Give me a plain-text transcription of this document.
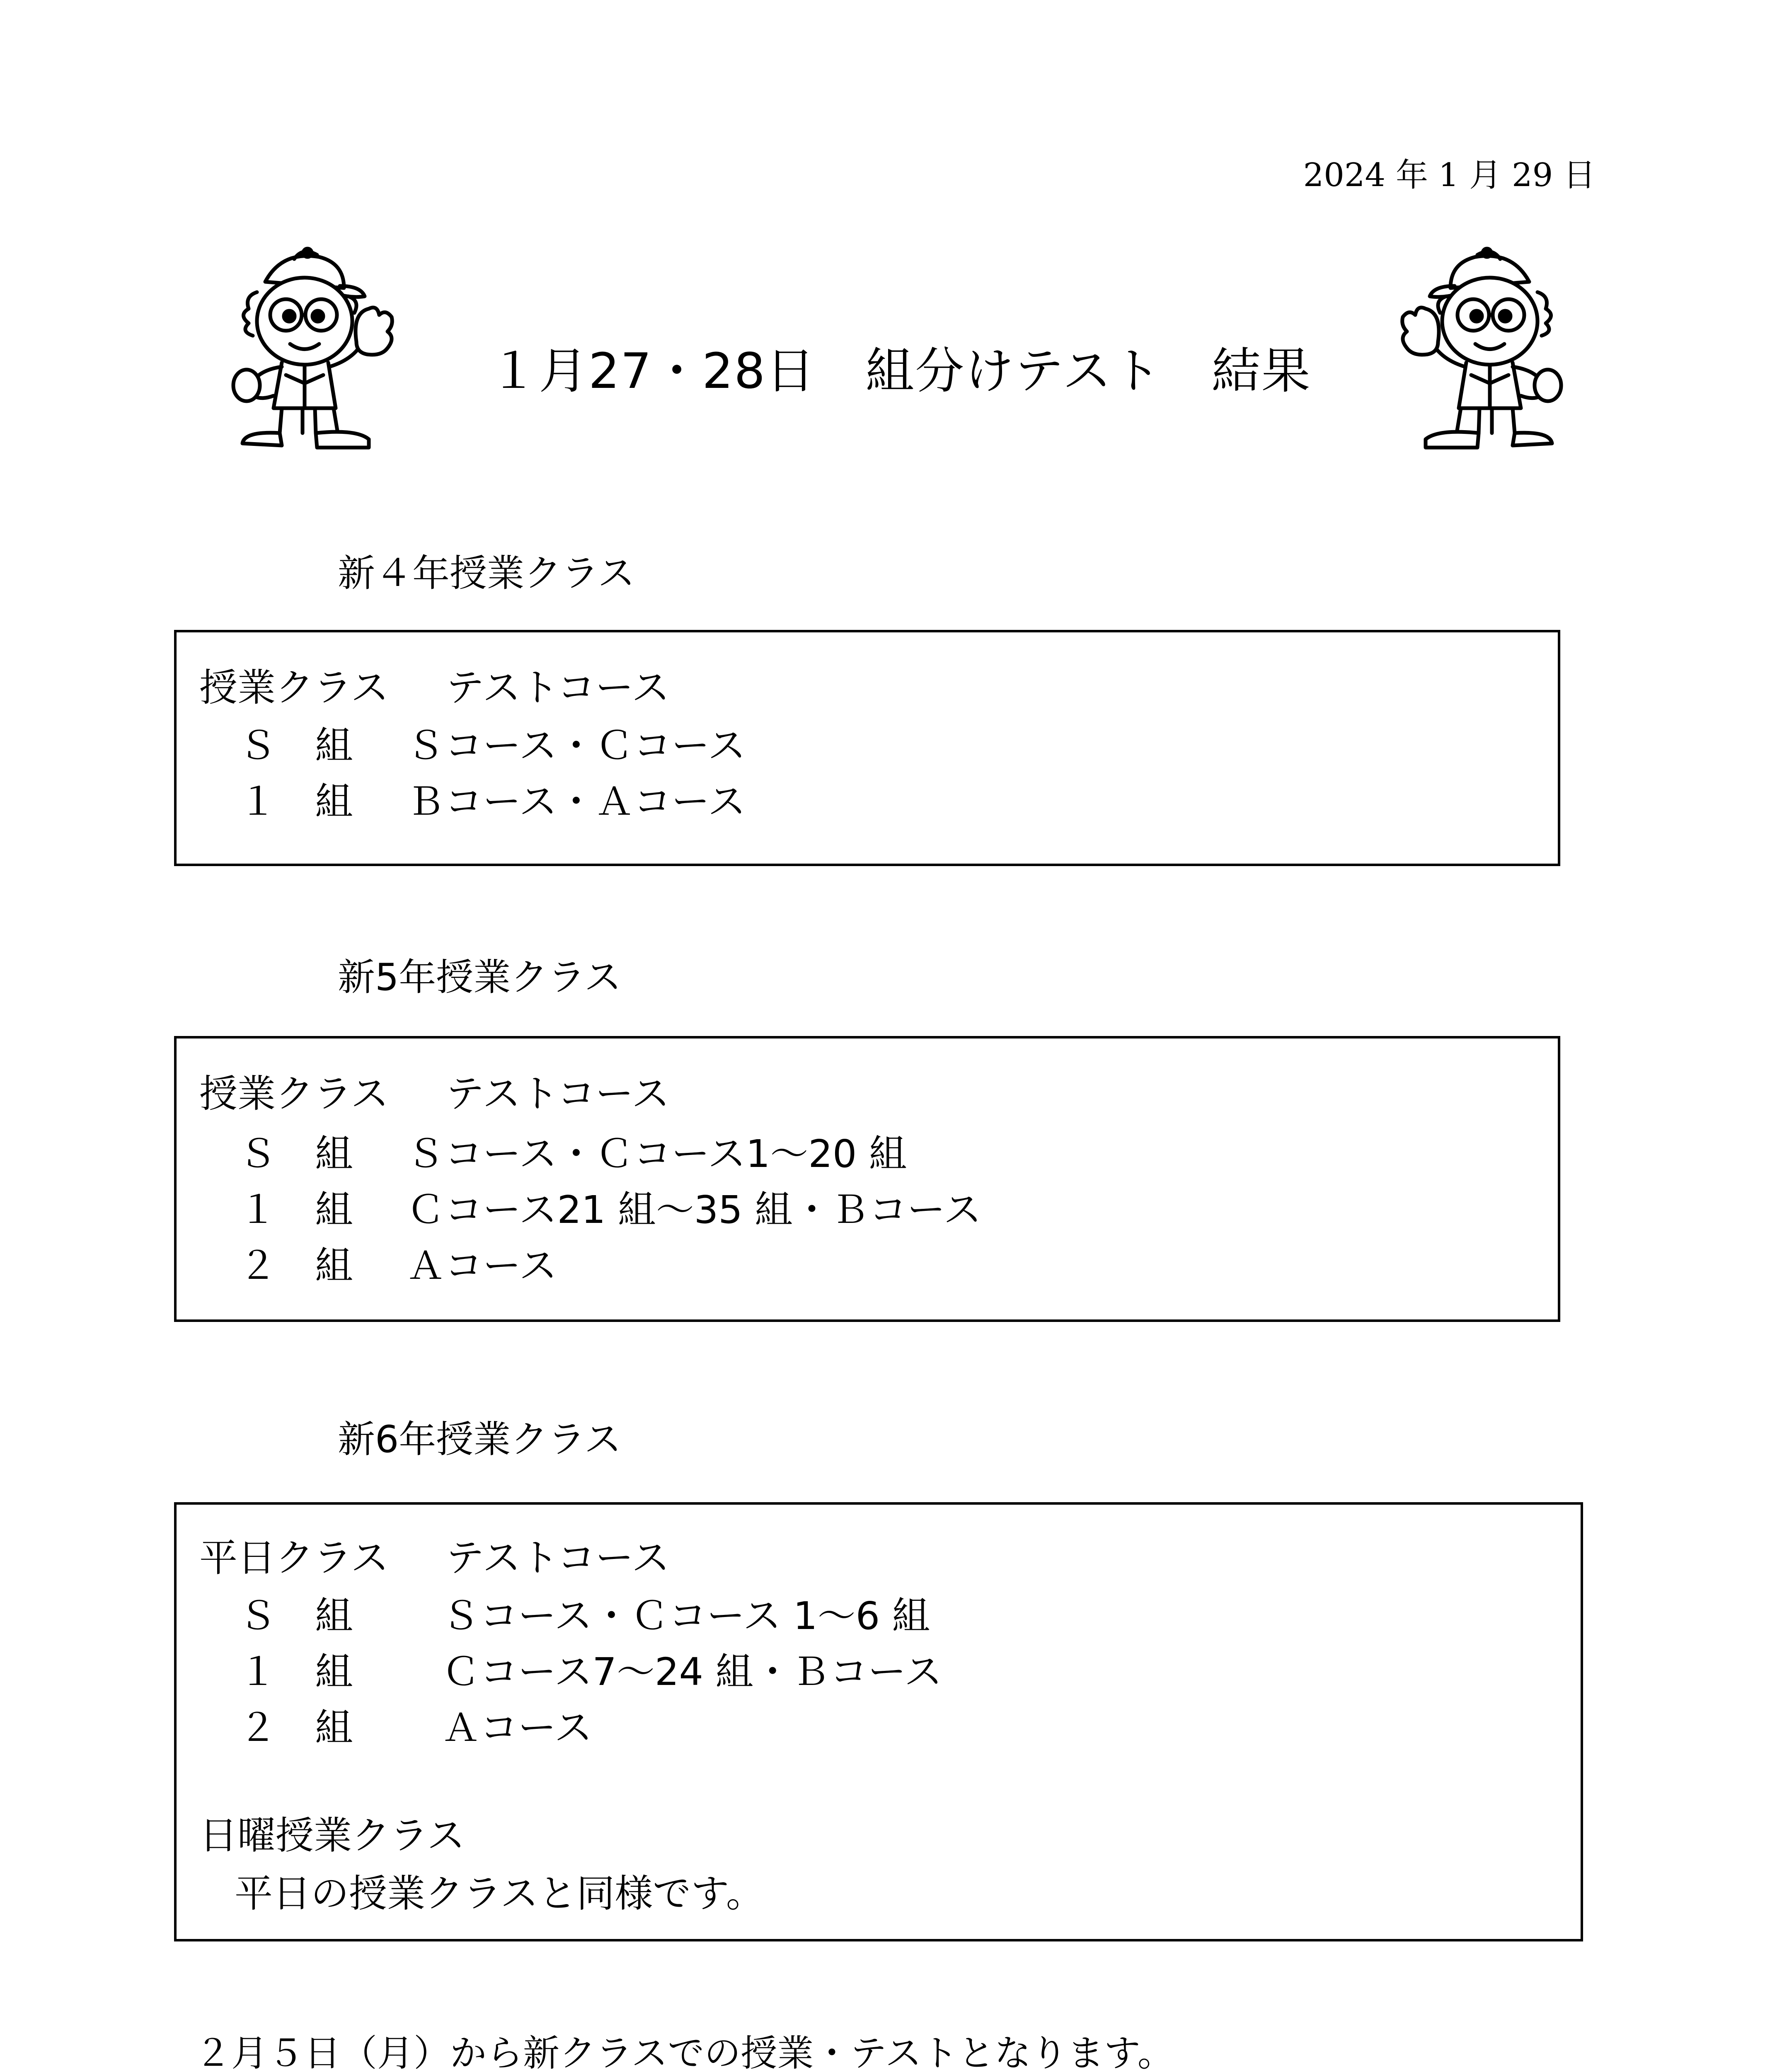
2024 年 1 月 29 日
１月27・28日　組分けテスト　結果
新４年授業クラス
授業クラス テストコース
Ｓ　組 Ｓコース・Ｃコース
１　組 Ｂコース・Ａコース
新5年授業クラス
授業クラス テストコース
Ｓ　組 Ｓコース・Ｃコース1～20 組
１　組 Ｃコース21 組～35 組・Ｂコース
２　組 Ａコース
新6年授業クラス
平日クラス テストコース
Ｓ　組 Ｓコース・Ｃコース 1～6 組
１　組 Ｃコース7～24 組・Ｂコース
２　組 Ａコース
日曜授業クラス
平日の授業クラスと同様です。
２月５日（月）から新クラスでの授業・テストとなります。
